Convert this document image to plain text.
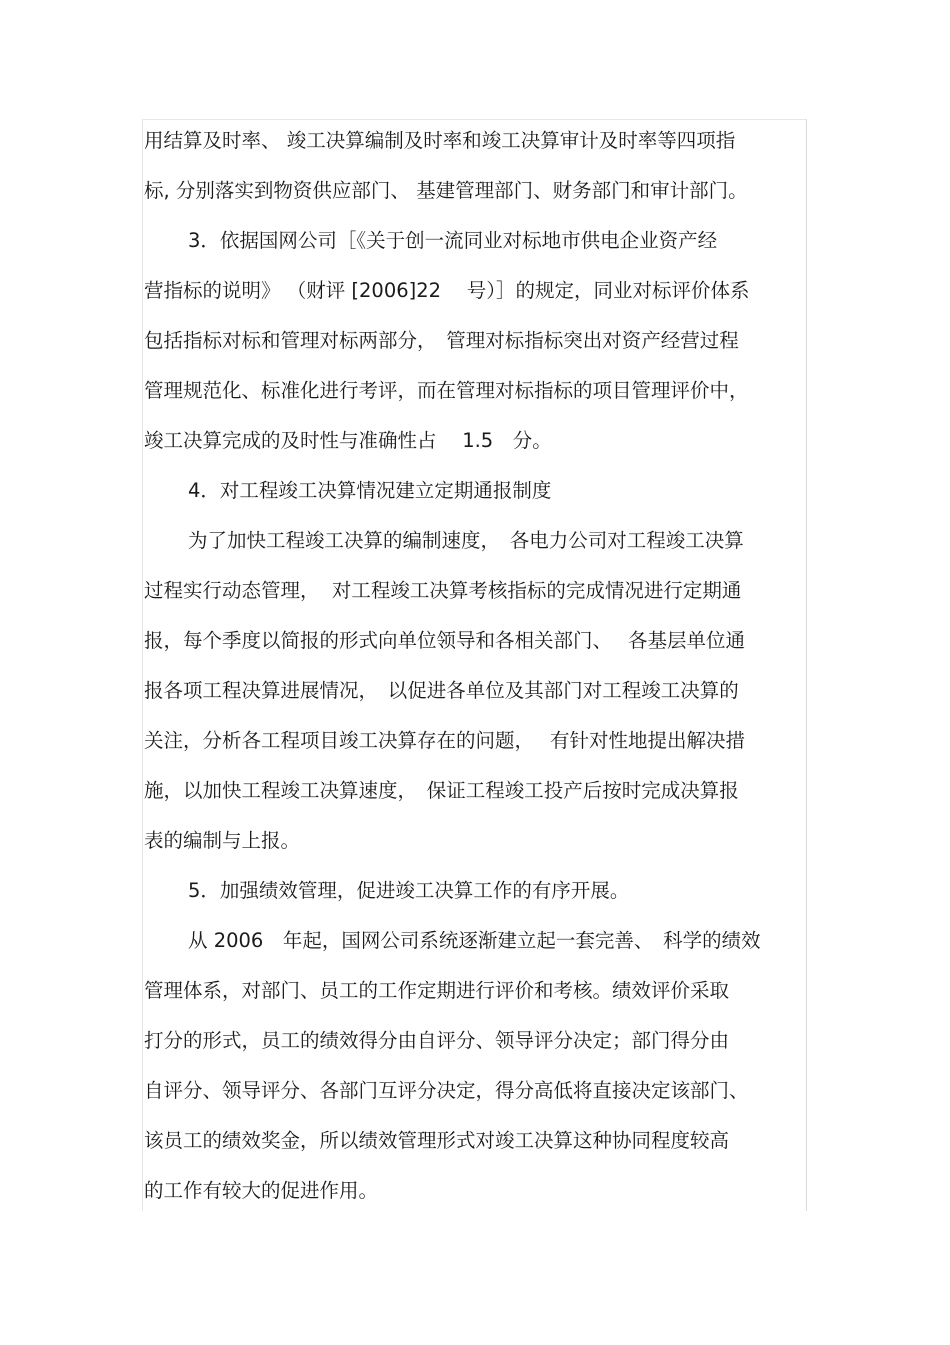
用结算及时率、 竣工决算编制及时率和竣工决算审计及时率等四项指
标, 分别落实到物资供应部门、 基建管理部门、财务部门和审计部门。
3．依据国网公司［《关于创一流同业对标地市供电企业资产经
营指标的说明》 （财评 [2006]22　 号）］的规定，同业对标评价体系
包括指标对标和管理对标两部分，　管理对标指标突出对资产经营过程
管理规范化、标准化进行考评，而在管理对标指标的项目管理评价中，
竣工决算完成的及时性与准确性占　 1.5　分。
4．对工程竣工决算情况建立定期通报制度
为了加快工程竣工决算的编制速度，　各电力公司对工程竣工决算
过程实行动态管理，  对工程竣工决算考核指标的完成情况进行定期通
报，每个季度以简报的形式向单位领导和各相关部门、　 各基层单位通
报各项工程决算进展情况，　以促进各单位及其部门对工程竣工决算的
关注，分析各工程项目竣工决算存在的问题，　 有针对性地提出解决措
施，以加快工程竣工决算速度，　保证工程竣工投产后按时完成决算报
表的编制与上报。
5．加强绩效管理，促进竣工决算工作的有序开展。
从 2006　年起，国网公司系统逐渐建立起一套完善、　科学的绩效
管理体系，对部门、员工的工作定期进行评价和考核。绩效评价采取
打分的形式，员工的绩效得分由自评分、领导评分决定；部门得分由
自评分、领导评分、各部门互评分决定，得分高低将直接决定该部门、
该员工的绩效奖金，所以绩效管理形式对竣工决算这种协同程度较高
的工作有较大的促进作用。
